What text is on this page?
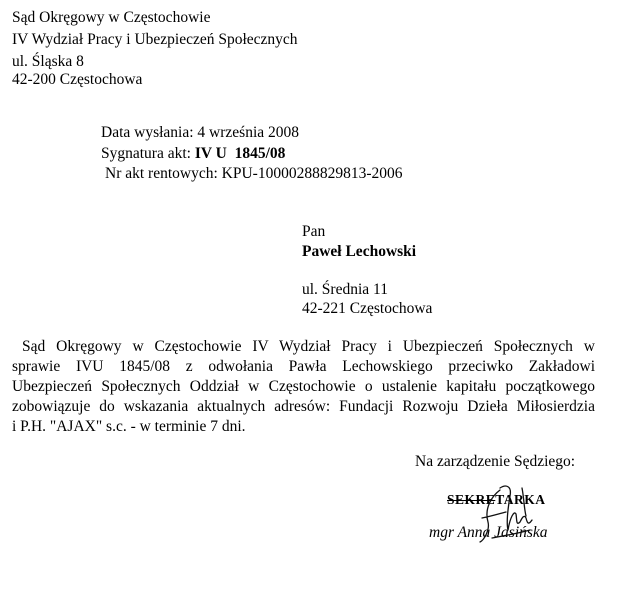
Sąd Okręgowy w Częstochowie
IV Wydział Pracy i Ubezpieczeń Społecznych
ul. Śląska 8
42-200 Częstochowa
Data wysłania: 4 września 2008
Sygnatura akt: IV U  1845/08
Nr akt rentowych: KPU-10000288829813-2006
Pan
Paweł Lechowski
ul. Średnia 11
42-221 Częstochowa
Sąd Okręgowy w Częstochowie IV Wydział Pracy i Ubezpieczeń Społecznych w
sprawie IVU 1845/08 z odwołania Pawła Lechowskiego przeciwko Zakładowi
Ubezpieczeń Społecznych Oddział w Częstochowie o ustalenie kapitału początkowego
zobowiązuje do wskazania aktualnych adresów: Fundacji Rozwoju Dzieła Miłosierdzia
i P.H. "AJAX" s.c. - w terminie 7 dni.
Na zarządzenie Sędziego:
SEKRETARKA
mgr Anna Jasińska
